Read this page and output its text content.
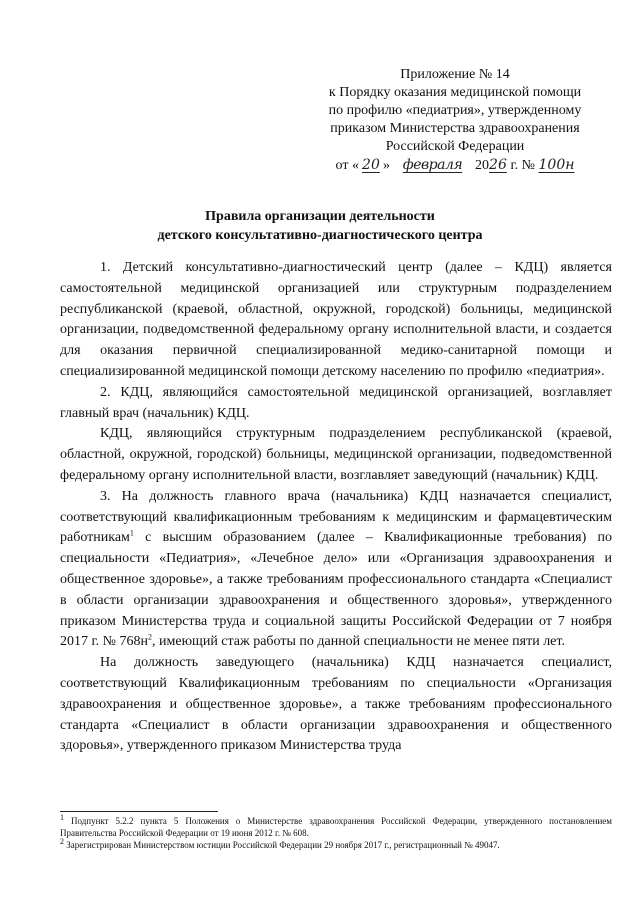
Приложение № 14
к Порядку оказания медицинской помощи
по профилю «педиатрия», утвержденному
приказом Министерства здравоохранения
Российской Федерации
от « 20 » февраля 2026 г. № 100н
Правила организации деятельности
детского консультативно-диагностического центра

1. Детский консультативно-диагностический центр (далее – КДЦ) является самостоятельной медицинской организацией или структурным подразделением республиканской (краевой, областной, окружной, городской) больницы, медицинской организации, подведомственной федеральному органу исполнительной власти, и создается для оказания первичной специализированной медико-санитарной помощи и специализированной медицинской помощи детскому населению по профилю «педиатрия».

2. КДЦ, являющийся самостоятельной медицинской организацией, возглавляет главный врач (начальник) КДЦ.

КДЦ, являющийся структурным подразделением республиканской (краевой, областной, окружной, городской) больницы, медицинской организации, подведомственной федеральному органу исполнительной власти, возглавляет заведующий (начальник) КДЦ.

3. На должность главного врача (начальника) КДЦ назначается специалист, соответствующий квалификационным требованиям к медицинским и фармацевтическим работникам$^1$ с высшим образованием (далее – Квалификационные требования) по специальности «Педиатрия», «Лечебное дело» или «Организация здравоохранения и общественное здоровье», а также требованиям профессионального стандарта «Специалист в области организации здравоохранения и общественного здоровья», утвержденного приказом Министерства труда и социальной защиты Российской Федерации от 7 ноября 2017 г. № $768н^2$, имеющий стаж работы по данной специальности не менее пяти лет.

На должность заведующего (начальника) КДЦ назначается специалист, соответствующий Квалификационным требованиям по специальности «Организация здравоохранения и общественное здоровье», а также требованиям профессионального стандарта «Специалист в области организации здравоохранения и общественного здоровья», утвержденного приказом Министерства труда

$^1$ Подпункт 5.2.2 пункта 5 Положения о Министерстве здравоохранения Российской Федерации, утвержденного постановлением Правительства Российской Федерации от 19 июня 2012 г. № 608.

$^2$ Зарегистрирован Министерством юстиции Российской Федерации 29 ноября 2017 г., регистрационный № 49047.
